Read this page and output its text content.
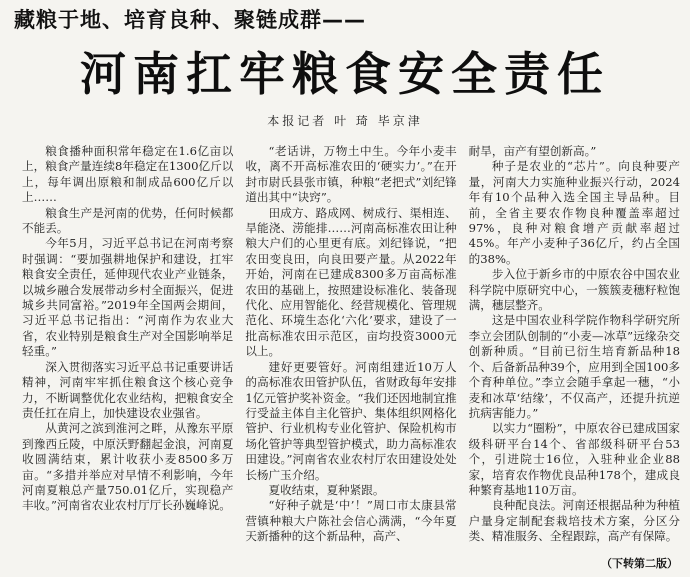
藏粮于地、培育良种、聚链成群——
河南扛牢粮食安全责任
本报记者 叶 琦 毕京津

粮食播种面积常年稳定在1.6亿亩以上，粮食产量连续8年稳定在1300亿斤以上，每年调出原粮和制成品600亿斤以上……

粮食生产是河南的优势，任何时候都不能丢。

今年5月，习近平总书记在河南考察时强调：“要加强耕地保护和建设，扛牢粮食安全责任，延伸现代农业产业链条，以城乡融合发展带动乡村全面振兴，促进城乡共同富裕。”2019年全国两会期间，习近平总书记指出：“河南作为农业大省，农业特别是粮食生产对全国影响举足轻重。”

深入贯彻落实习近平总书记重要讲话精神，河南牢牢抓住粮食这个核心竞争力，不断调整优化农业结构，把粮食安全责任扛在肩上，加快建设农业强省。

从黄河之滨到淮河之畔，从豫东平原到豫西丘陵，中原沃野翻起金浪，河南夏收圆满结束，累计收获小麦8500多万亩。“多措并举应对早情不利影响，今年河南夏粮总产量750.01亿斤，实现稳产丰收。”河南省农业农村厅厅长孙巍峰说。

“老话讲，万物土中生。今年小麦丰收，离不开高标准农田的‘硬实力’。”在开封市尉氏县张市镇，种粮“老把式”刘纪锋道出其中“诀窍”。

田成方、路成网、树成行、渠相连、旱能浇、涝能排……河南高标准农田让种粮大户们的心里更有底。刘纪锋说，“把农田变良田，向良田要产量。从2022年开始，河南在已建成8300多万亩高标准农田的基础上，按照建设标准化、装备现代化、应用智能化、经营规模化、管理规范化、环境生态化‘六化’要求，建设了一批高标准农田示范区，亩均投资3000元以上。

建好更要管好。河南组建近10万人的高标准农田管护队伍，省财政每年安排1亿元管护奖补资金。“我们还因地制宜推行受益主体自主化管护、集体组织网格化管护、行业机构专业化管护、保险机构市场化管护等典型管护模式，助力高标准农田建设。”河南省农业农村厅农田建设处处长杨广玉介绍。

夏收结束，夏种紧跟。

“好种子就是‘中’！”周口市太康县常营镇种粮大户陈社会信心满满，“今年夏天新播种的这个新品种，高产、

耐旱，亩产有望创新高。”

种子是农业的“芯片”。向良种要产量，河南大力实施种业振兴行动，2024年有10个品种入选全国主导品种。目前，全省主要农作物良种覆盖率超过97%，良种对粮食增产贡献率超过45%。年产小麦种子36亿斤，约占全国的38%。

步入位于新乡市的中原农谷中国农业科学院中原研究中心，一簇簇麦穗籽粒饱满，穗层整齐。

这是中国农业科学院作物科学研究所李立会团队创制的“小麦—冰草”远缘杂交创新种质。“目前已衍生培育新品种18个、后备新品种39个，应用到全国100多个育种单位。”李立会随手拿起一穗，“小麦和冰草‘结缘’，不仅高产，还提升抗逆抗病害能力。”

以实力“圈粉”，中原农谷已建成国家级科研平台14个、省部级科研平台53个，引进院士16位，入驻种业企业88家，培育农作物优良品种178个，建成良种繁育基地110万亩。

良种配良法。河南还根据品种为种植户量身定制配套栽培技术方案，分区分类、精准服务、全程跟踪，高产有保障。

（下转第二版）
